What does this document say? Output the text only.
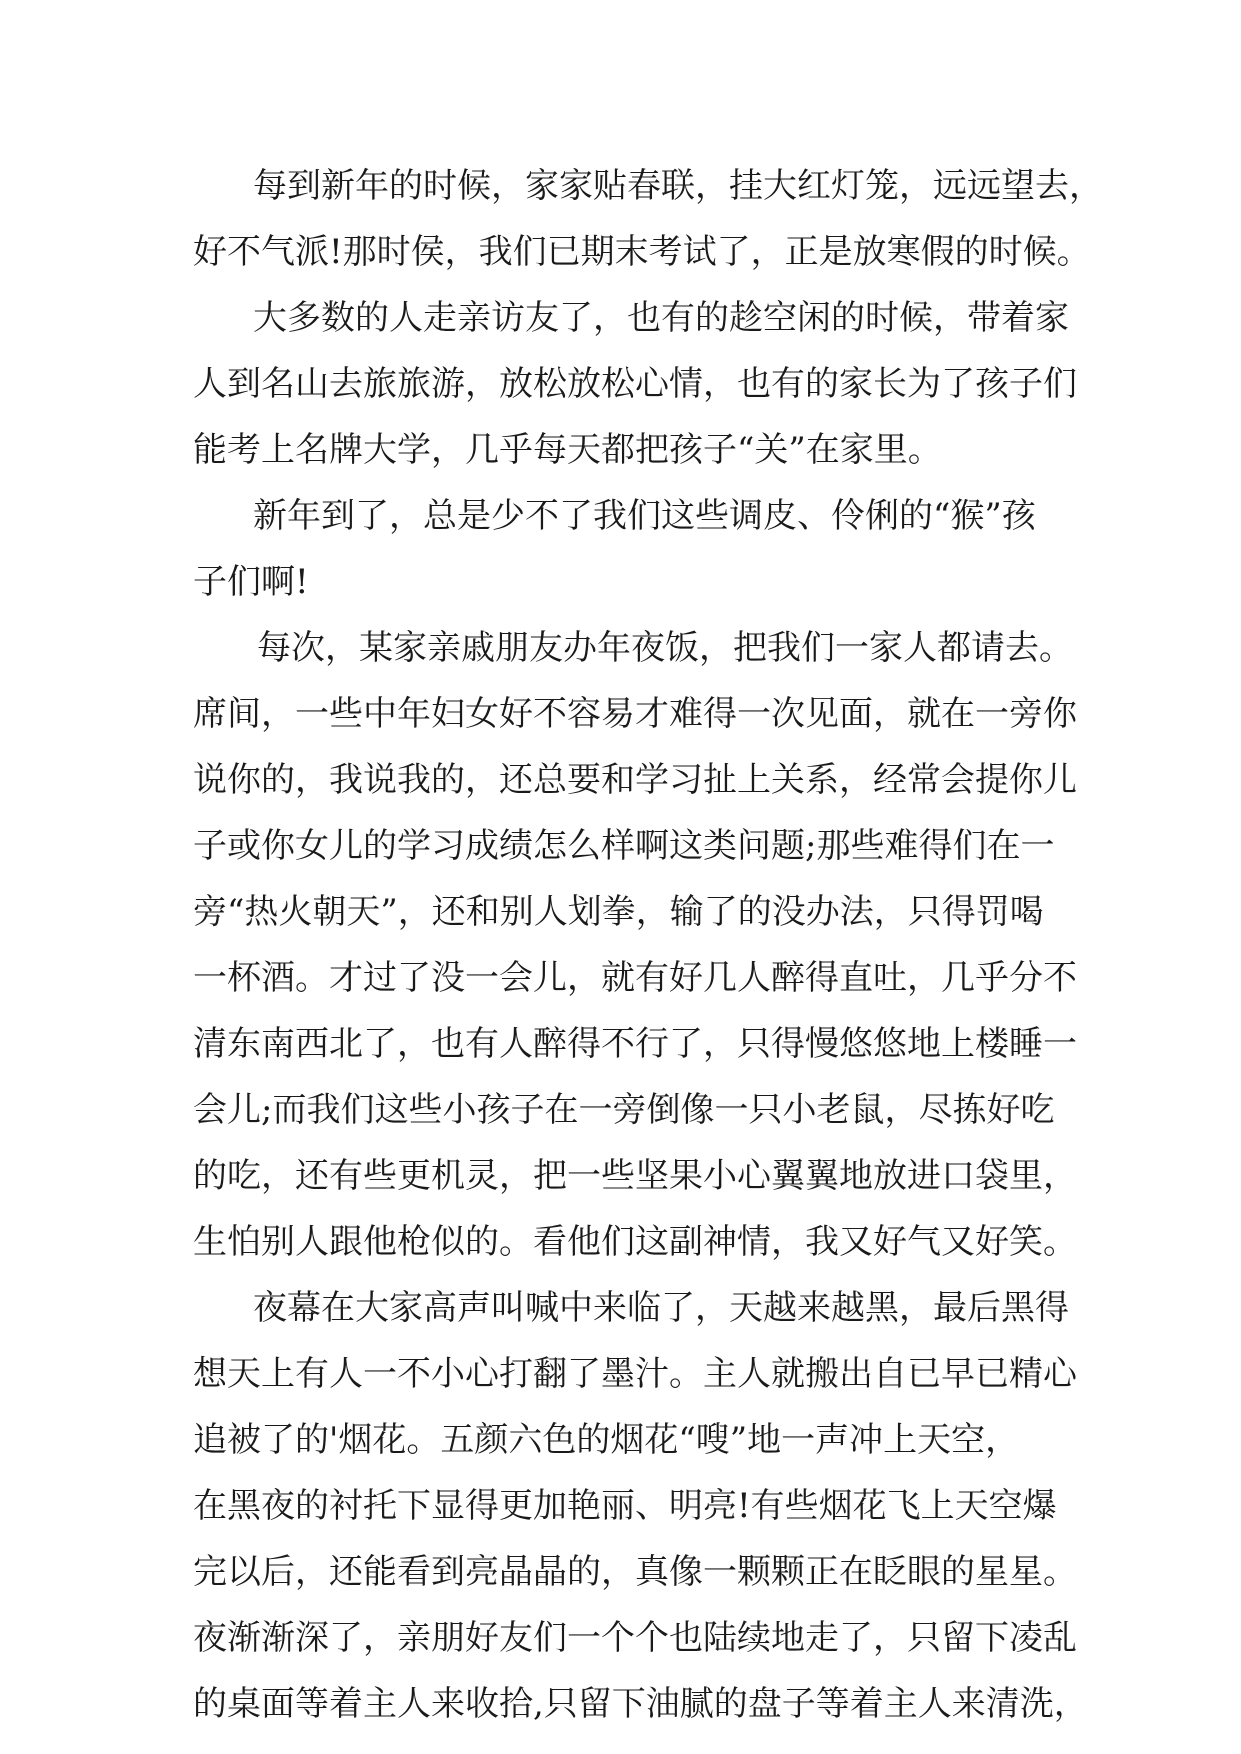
每到新年的时候，家家贴春联，挂大红灯笼，远远望去，
好不气派!那时侯，我们已期末考试了，正是放寒假的时候。
大多数的人走亲访友了，也有的趁空闲的时候，带着家
人到名山去旅旅游，放松放松心情，也有的家长为了孩子们
能考上名牌大学，几乎每天都把孩子“关”在家里。
新年到了，总是少不了我们这些调皮、伶俐的“猴”孩
子们啊!
每次，某家亲戚朋友办年夜饭，把我们一家人都请去。
席间，一些中年妇女好不容易才难得一次见面，就在一旁你
说你的，我说我的，还总要和学习扯上关系，经常会提你儿
子或你女儿的学习成绩怎么样啊这类问题;那些难得们在一
旁“热火朝天”，还和别人划拳，输了的没办法，只得罚喝
一杯酒。才过了没一会儿，就有好几人醉得直吐，几乎分不
清东南西北了，也有人醉得不行了，只得慢悠悠地上楼睡一
会儿;而我们这些小孩子在一旁倒像一只小老鼠，尽拣好吃
的吃，还有些更机灵，把一些坚果小心翼翼地放进口袋里，
生怕别人跟他枪似的。看他们这副神情，我又好气又好笑。
夜幕在大家高声叫喊中来临了，天越来越黑，最后黑得
想天上有人一不小心打翻了墨汁。主人就搬出自已早已精心
追被了的'烟花。五颜六色的烟花“嗖”地一声冲上天空，
在黑夜的衬托下显得更加艳丽、明亮!有些烟花飞上天空爆
完以后，还能看到亮晶晶的，真像一颗颗正在眨眼的星星。
夜渐渐深了，亲朋好友们一个个也陆续地走了，只留下凌乱
的桌面等着主人来收拾,只留下油腻的盘子等着主人来清洗，
